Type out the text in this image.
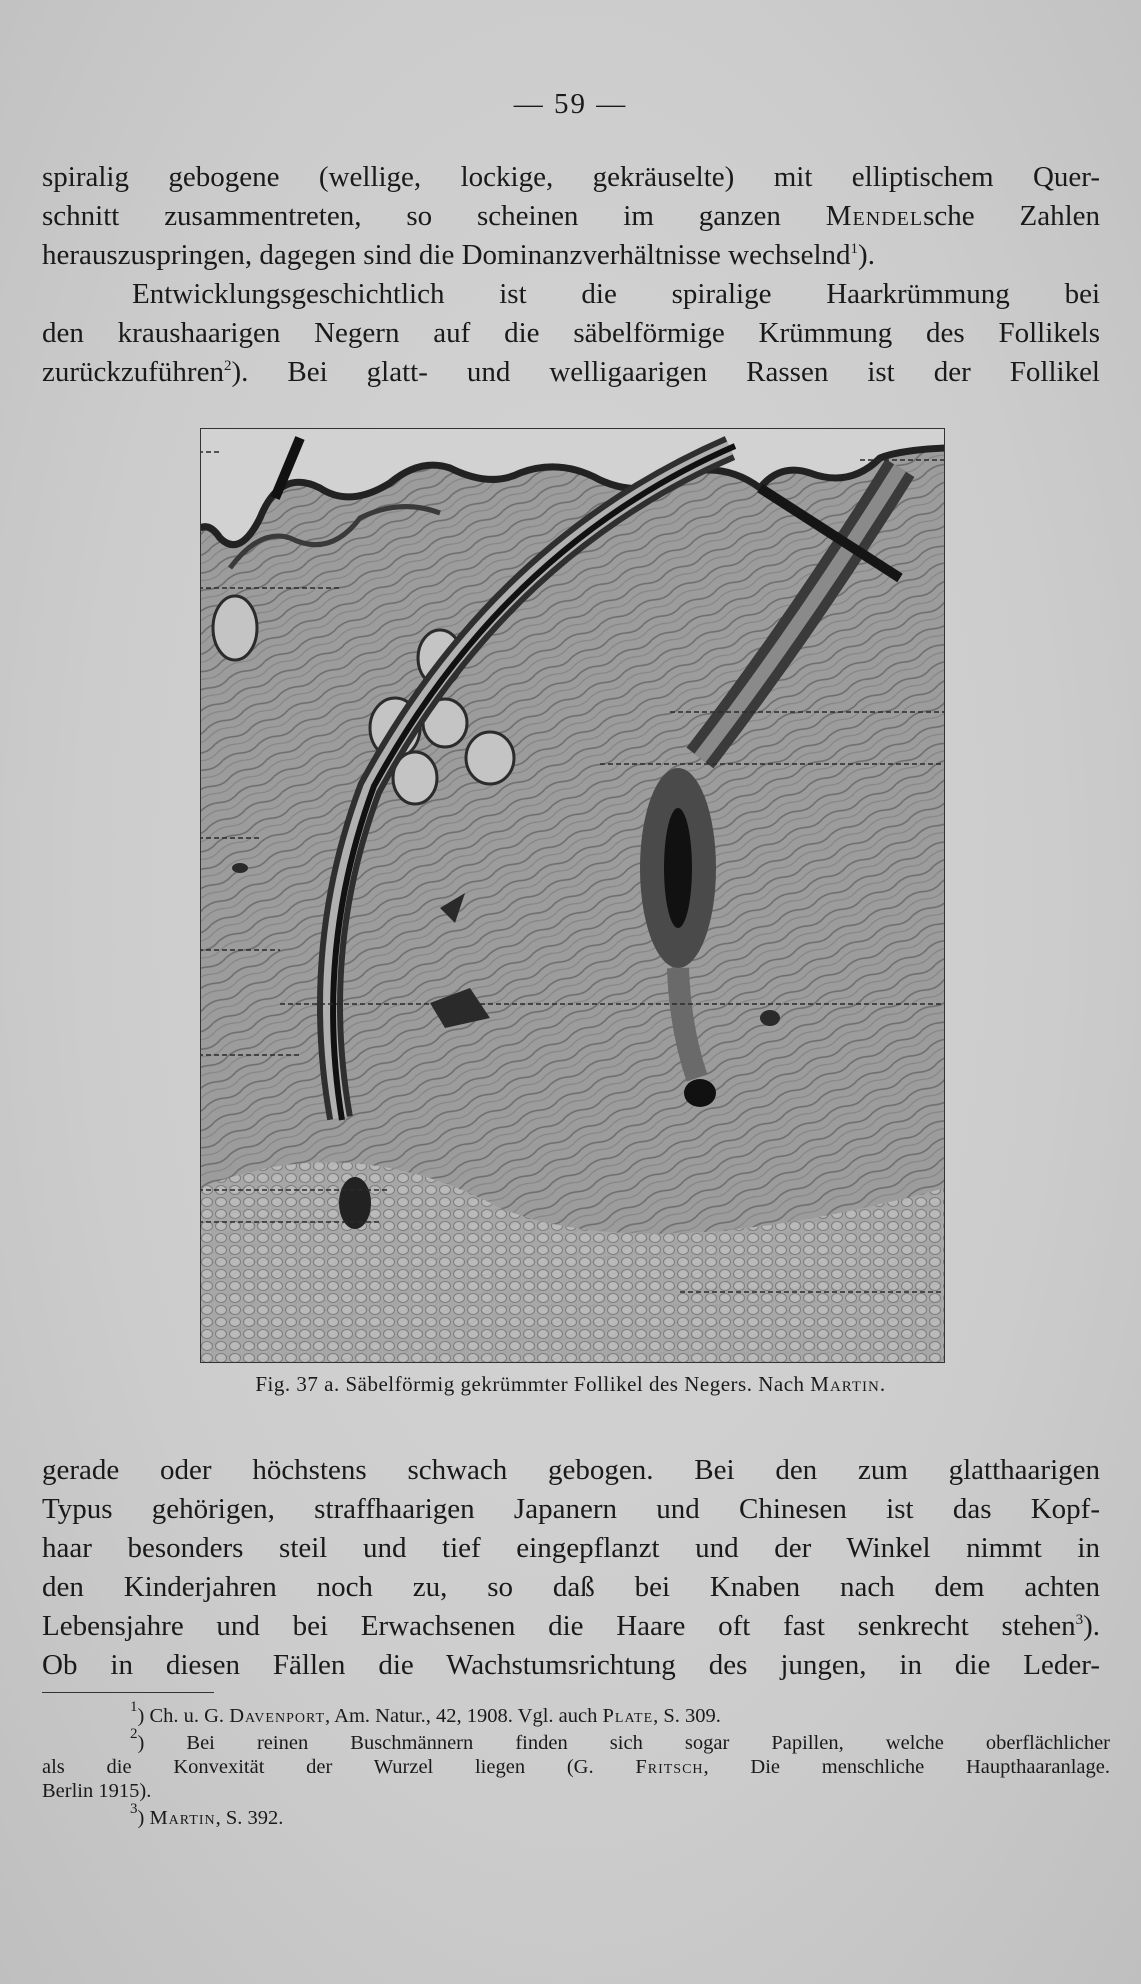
— 59 —
spiralig gebogene (wellige, lockige, gekräuselte) mit elliptischem Quer-
schnitt zusammentreten, so scheinen im ganzen Mendelsche Zahlen
herauszuspringen, dagegen sind die Dominanzverhältnisse wechselnd$^1$).
Entwicklungsgeschichtlich ist die spiralige Haarkrümmung bei
den kraushaarigen Negern auf die säbelförmige Krümmung des Follikels
zurückzuführen$^2$). Bei glatt- und welligaarigen Rassen ist der Follikel
Fig. 37 a. Säbelförmig gekrümmter Follikel des Negers. Nach Martin.
gerade oder höchstens schwach gebogen. Bei den zum glatthaarigen
Typus gehörigen, straffhaarigen Japanern und Chinesen ist das Kopf-
haar besonders steil und tief eingepflanzt und der Winkel nimmt in
den Kinderjahren noch zu, so daß bei Knaben nach dem achten
Lebensjahre und bei Erwachsenen die Haare oft fast senkrecht stehen$^3$).
Ob in diesen Fällen die Wachstumsrichtung des jungen, in die Leder-
$^1$) Ch. u. G. Davenport, Am. Natur., 42, 1908. Vgl. auch Plate, S. 309.
$^2$) Bei reinen Buschmännern finden sich sogar Papillen, welche oberflächlicher
als die Konvexität der Wurzel liegen (G. Fritsch, Die menschliche Haupthaaranlage.
Berlin 1915).
$^3$) Martin, S. 392.
